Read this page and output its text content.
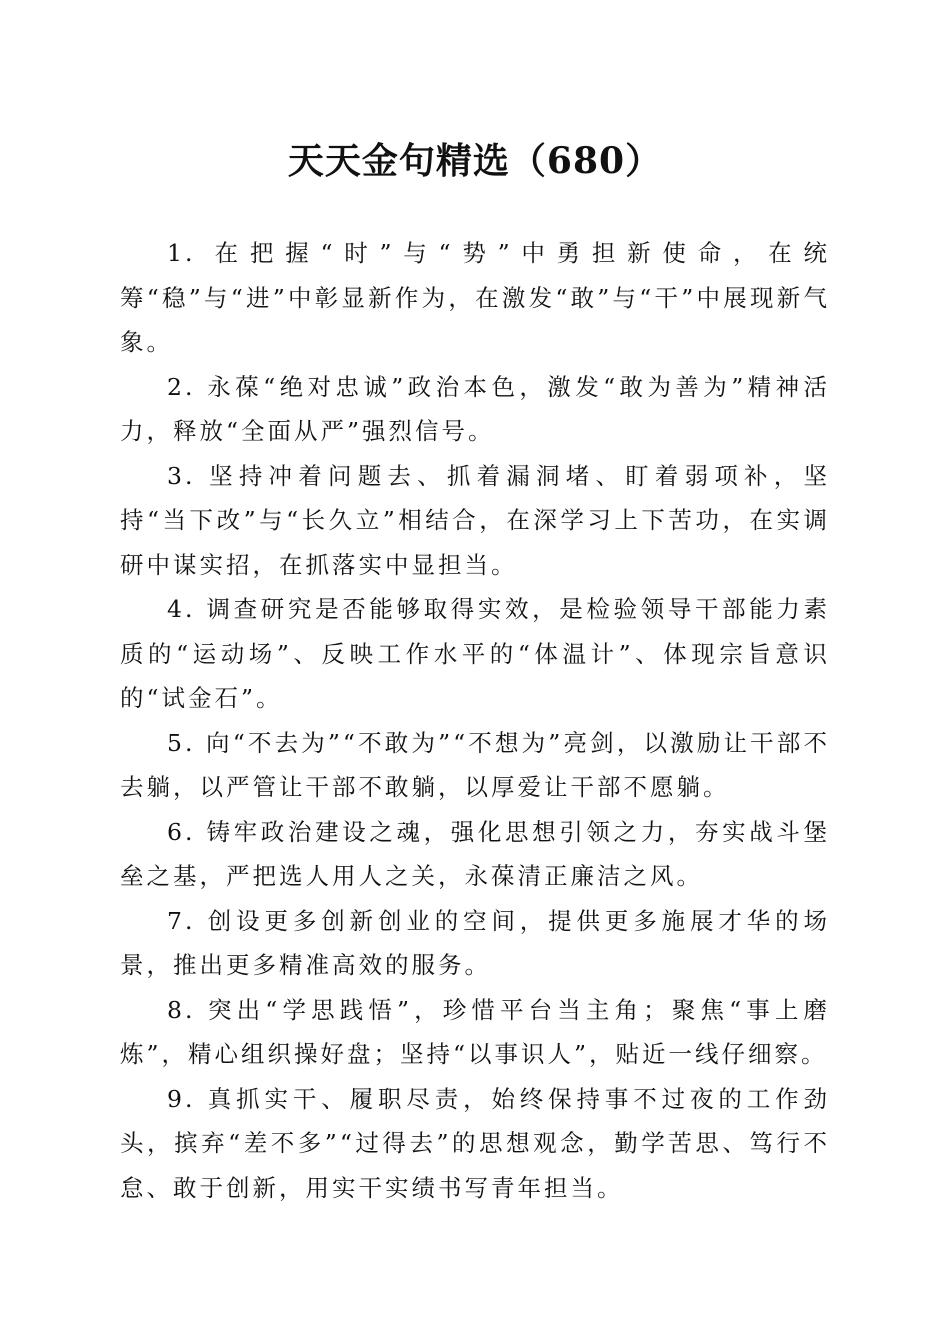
天天金句精选（680）

1. 在把握“时”与“势”中勇担新使命，在统筹“稳”与“进”中彰显新作为，在激发“敢”与“干”中展现新气象。

2. 永葆“绝对忠诚”政治本色，激发“敢为善为”精神活力，释放“全面从严”强烈信号。

3. 坚持冲着问题去、抓着漏洞堵、盯着弱项补，坚持“当下改”与“长久立”相结合，在深学习上下苦功，在实调研中谋实招，在抓落实中显担当。

4. 调查研究是否能够取得实效，是检验领导干部能力素质的“运动场”、反映工作水平的“体温计”、体现宗旨意识的“试金石”。

5. 向“不去为”“不敢为”“不想为”亮剑，以激励让干部不去躺，以严管让干部不敢躺，以厚爱让干部不愿躺。

6. 铸牢政治建设之魂，强化思想引领之力，夯实战斗堡垒之基，严把选人用人之关，永葆清正廉洁之风。

7. 创设更多创新创业的空间，提供更多施展才华的场景，推出更多精准高效的服务。

8. 突出“学思践悟”，珍惜平台当主角；聚焦“事上磨炼”，精心组织操好盘；坚持“以事识人”，贴近一线仔细察。

9. 真抓实干、履职尽责，始终保持事不过夜的工作劲头，摈弃“差不多”“过得去”的思想观念，勤学苦思、笃行不怠、敢于创新，用实干实绩书写青年担当。
